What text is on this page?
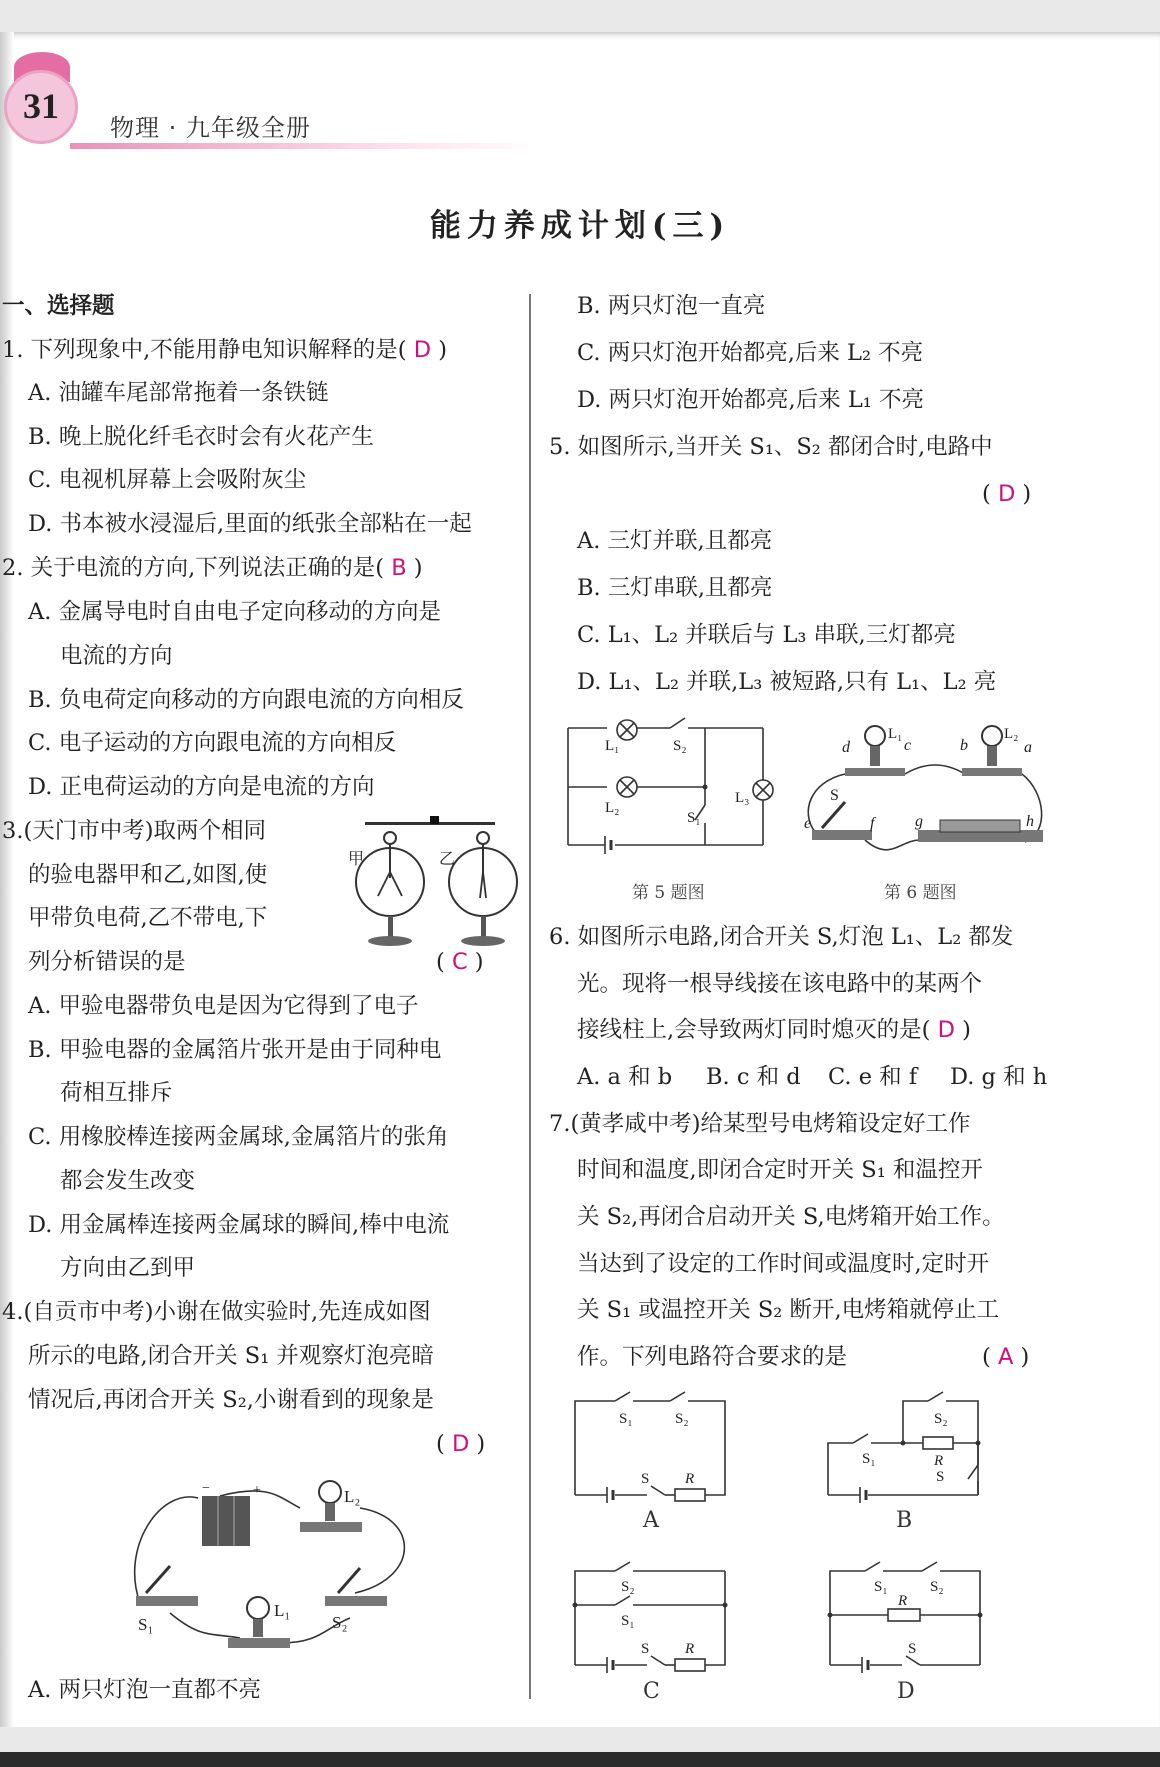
31
物理 · 九年级全册
能力养成计划(三)
一、选择题
1. 下列现象中,不能用静电知识解释的是( D )
A. 油罐车尾部常拖着一条铁链
B. 晚上脱化纤毛衣时会有火花产生
C. 电视机屏幕上会吸附灰尘
D. 书本被水浸湿后,里面的纸张全部粘在一起
2. 关于电流的方向,下列说法正确的是( B )
A. 金属导电时自由电子定向移动的方向是
电流的方向
B. 负电荷定向移动的方向跟电流的方向相反
C. 电子运动的方向跟电流的方向相反
D. 正电荷运动的方向是电流的方向
3.(天门市中考)取两个相同
的验电器甲和乙,如图,使
甲带负电荷,乙不带电,下
列分析错误的是	( C )
甲	乙
A. 甲验电器带负电是因为它得到了电子
B. 甲验电器的金属箔片张开是由于同种电
荷相互排斥
C. 用橡胶棒连接两金属球,金属箔片的张角
都会发生改变
D. 用金属棒连接两金属球的瞬间,棒中电流
方向由乙到甲
4.(自贡市中考)小谢在做实验时,先连成如图
所示的电路,闭合开关 S₁ 并观察灯泡亮暗
情况后,再闭合开关 S₂,小谢看到的现象是
( D )
−	+	L₂
S₁
L₁
S₂
A. 两只灯泡一直都不亮
B. 两只灯泡一直亮
C. 两只灯泡开始都亮,后来 L₂ 不亮
D. 两只灯泡开始都亮,后来 L₁ 不亮
5. 如图所示,当开关 S₁、S₂ 都闭合时,电路中
( D )
A. 三灯并联,且都亮
B. 三灯串联,且都亮
C. L₁、L₂ 并联后与 L₃ 串联,三灯都亮
D. L₁、L₂ 并联,L₃ 被短路,只有 L₁、L₂ 亮
L₁	S₂
L₂
L₃
S₁
第 5 题图
d
L₁
c	b
L₂
a
S
e	f	g	h
第 6 题图
6. 如图所示电路,闭合开关 S,灯泡 L₁、L₂ 都发
光。现将一根导线接在该电路中的某两个
接线柱上,会导致两灯同时熄灭的是( D )
A. a 和 b B. c 和 d C. e 和 f D. g 和 h
7.(黄孝咸中考)给某型号电烤箱设定好工作
时间和温度,即闭合定时开关 S₁ 和温控开
关 S₂,再闭合启动开关 S,电烤箱开始工作。
当达到了设定的工作时间或温度时,定时开
关 S₁ 或温控开关 S₂ 断开,电烤箱就停止工
作。下列电路符合要求的是	( A )
S₁	S₂
S R
A
S₁
S₂
R
S
B
S₂
S₁
S R
C
S₁	S₂
R
S
D
